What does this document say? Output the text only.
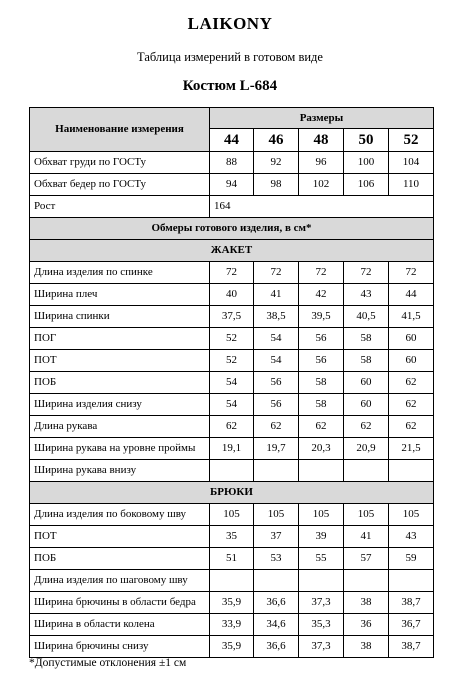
LAIKONY
Таблица измерений в готовом виде
Костюм L-684
Наименование измерения	Размеры				
	44	46	48	50	52
Обхват груди по ГОСТу	88	92	96	100	104
Обхват бедер по ГОСТу	94	98	102	106	110
Рост	164				
Обмеры готового изделия, в см*					
ЖАКЕТ					
Длина изделия по спинке	72	72	72	72	72
Ширина плеч	40	41	42	43	44
Ширина спинки	37,5	38,5	39,5	40,5	41,5
ПОГ	52	54	56	58	60
ПОТ	52	54	56	58	60
ПОБ	54	56	58	60	62
Ширина изделия снизу	54	56	58	60	62
Длина рукава	62	62	62	62	62
Ширина рукава на уровне проймы	19,1	19,7	20,3	20,9	21,5
Ширина рукава внизу					
БРЮКИ					
Длина изделия по боковому шву	105	105	105	105	105
ПОТ	35	37	39	41	43
ПОБ	51	53	55	57	59
Длина изделия по шаговому шву					
Ширина брючины в области бедра	35,9	36,6	37,3	38	38,7
Ширина в области колена	33,9	34,6	35,3	36	36,7
Ширина брючины снизу	35,9	36,6	37,3	38	38,7
*Допустимые отклонения ±1 см
